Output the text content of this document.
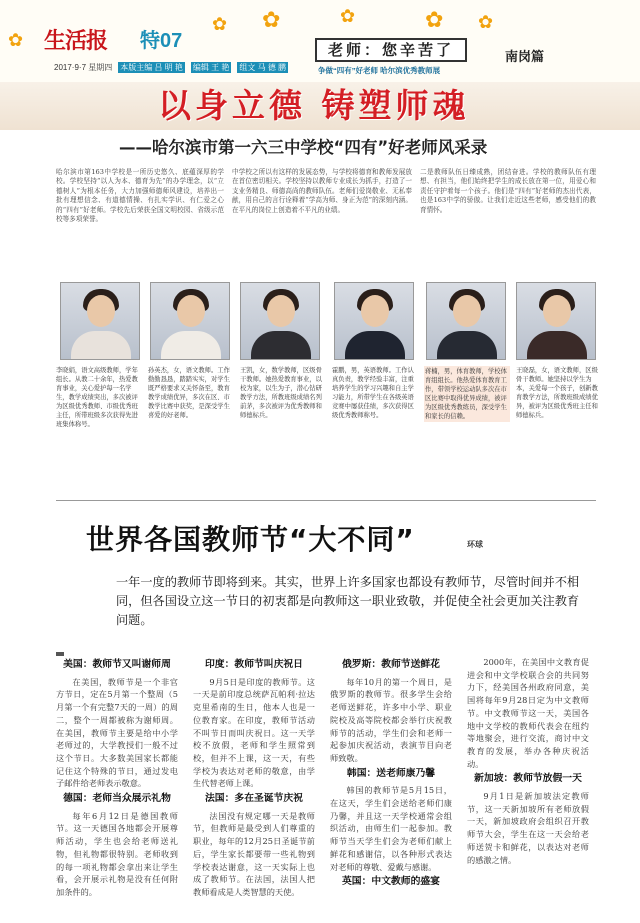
✿ 生活报 特07
✿ ✿	✿	✿ ✿
2017·9·7 星期四 本版主编 吕 明 艳 编辑 王 艳 组文 马 德 鹏
老师：您辛苦了
争做“四有”好老师 哈尔滨优秀教师展
南岗篇
以身立德 铸塑师魂
——哈尔滨市第一六三中学校“四有”好老师风采录
哈尔滨市第163中学校是一所历史悠久、底蕴深厚的学校。学校坚持“以人为本、德育为先”的办学理念，以“立德树人”为根本任务，大力加强师德师风建设，培养出一批有理想信念、有道德情操、有扎实学识、有仁爱之心的“四有”好老师。学校先后荣获全国文明校园、省级示范校等多项荣誉。
中学校之所以有这样的发展态势，与学校将德育和教师发展放在首位密切相关。学校坚持以教师专业成长为抓手，打造了一支业务精良、师德高尚的教师队伍。老师们爱岗敬业、无私奉献，用自己的言行诠释着“学高为师、身正为范”的深刻内涵。在平凡的岗位上创造着不平凡的业绩。
二是教师队伍日臻成熟，团结奋进。学校的教师队伍有理想、有担当，他们始终把学生的成长放在第一位，用爱心和责任守护着每一个孩子。他们是“四有”好老师的杰出代表，也是163中学的骄傲。让我们走近这些老师，感受他们的教育情怀。
李晓娟，语文高级教师，学年组长。从教二十余年，热爱教育事业，关心爱护每一名学生，教学成绩突出，多次被评为区级优秀教师、市级优秀班主任，所带班级多次获得先进班集体称号。
孙英杰，女，语文教师。工作勤勤恳恳，踏踏实实，对学生既严格要求又关怀备至，教育教学成绩优异，多次在区、市教学比赛中获奖，是深受学生喜爱的好老师。
王凯，女，数学教师，区级骨干教师。她热爱教育事业，以校为家，以生为子，潜心钻研教学方法，所教班级成绩名列前茅，多次被评为优秀教师和师德标兵。
霍鹏，男，英语教师。工作认真负责，教学经验丰富，注重培养学生的学习兴趣和自主学习能力，所带学生在各级英语竞赛中屡获佳绩，多次获得区级优秀教师称号。
蒋楠，男，体育教师，学校体育组组长。他热爱体育教育工作，带领学校运动队多次在市区比赛中取得优异成绩，被评为区级优秀教练员，深受学生和家长的信赖。
王晓磊，女，语文教师，区级骨干教师。她坚持以学生为本，关爱每一个孩子，创新教育教学方法，所教班级成绩优异，被评为区级优秀班主任和师德标兵。
世界各国教师节“大不同”	环球
一年一度的教师节即将到来。其实，世界上许多国家也都设有教师节，尽管时间并不相同，但各国设立这一节日的初衷都是向教师这一职业致敬，并促使全社会更加关注教育问题。
美国：教师节又叫谢师周

在美国，教师节是一个非官方节日，定在5月第一个整周（5月第一个有完整7天的一周）的周二，整个一周都被称为谢师周。在美国，教师节主要是给中小学老师过的，大学教授们一般不过这个节日。大多数美国家长都能记住这个特殊的节日，通过发电子邮件给老师表示敬意。

德国：老师当众展示礼物

每年6月12日是德国教师节。这一天德国各地都会开展尊师活动，学生也会给老师送礼物，但礼物都很特别。老师收到的每一项礼物都会拿出来让学生看，会开展示礼物是没有任何附加条件的。

印度：教师节叫庆祝日

9月5日是印度的教师节。这一天是前印度总统萨瓦帕利·拉达克里希南的生日，他本人也是一位教育家。在印度，教师节活动不叫节日而叫庆祝日。这一天学校不放假，老师和学生照常到校，但并不上课，这一天，有些学校为表达对老师的敬意，由学生代替老师上课。

法国：多在圣诞节庆祝

法国没有规定哪一天是教师节，但教师是最受到人们尊重的职业，每年的12月25日圣诞节前后，学生家长都要带一些礼物到学校表达谢意，这一天实际上也成了教师节。在法国，法国人把教师看成是人类智慧的天使。

俄罗斯：教师节送鲜花

每年10月的第一个周日，是俄罗斯的教师节。很多学生会给老师送鲜花，许多中小学、职业院校及高等院校都会举行庆祝教师节的活动，学生们会和老师一起参加庆祝活动，表演节目向老师致敬。

韩国：送老师康乃馨

韩国的教师节是5月15日，在这天，学生们会送给老师们康乃馨，并且这一天学校通常会组织活动，由师生们一起参加。教师节当天学生们会为老师们献上鲜花和感谢信，以各种形式表达对老师的尊敬、爱戴与感谢。

英国：中文教师的盛宴

2000年，在美国中文教育促进会和中文学校联合会的共同努力下，经美国各州政府同意，美国将每年9月28日定为中文教师节。中文教师节这一天，美国各地中文学校的教师代表会在纽约等地聚会，进行交流，商讨中文教育的发展，举办各种庆祝活动。

新加坡：教师节放假一天

9月1日是新加坡法定教师节，这一天新加坡所有老师放假一天，新加坡政府会组织召开教师节大会，学生在这一天会给老师送贺卡和鲜花，以表达对老师的感激之情。
